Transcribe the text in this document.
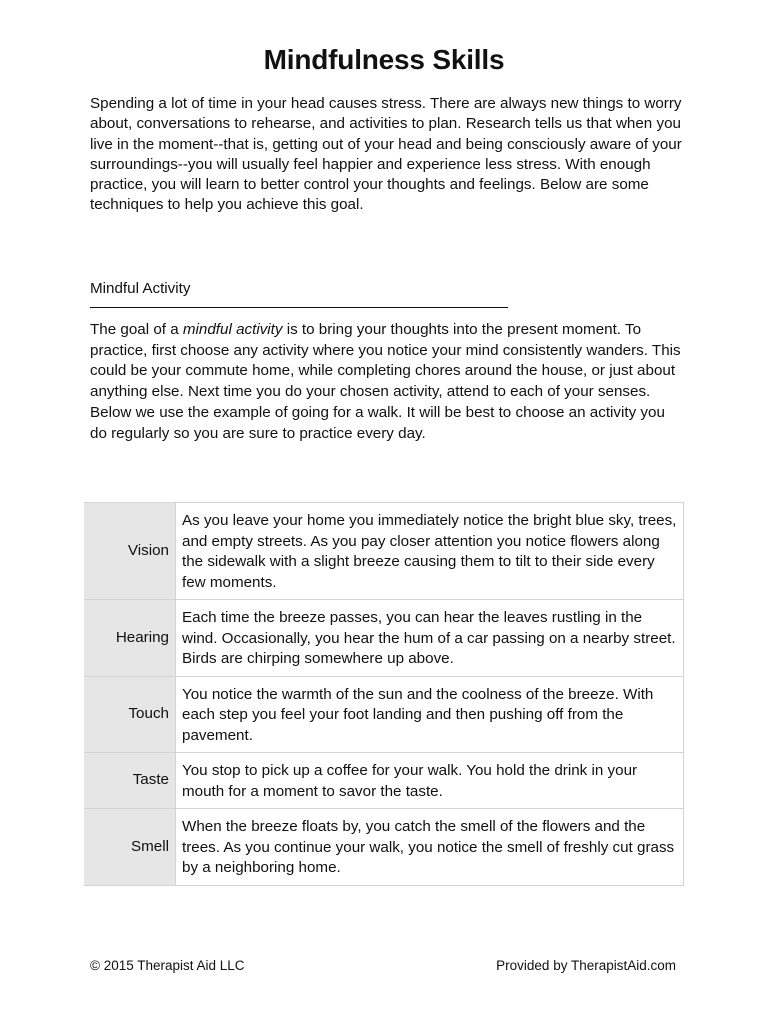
Mindfulness Skills

Spending a lot of time in your head causes stress. There are always new things to worry about, conversations to rehearse, and activities to plan. Research tells us that when you live in the moment--that is, getting out of your head and being consciously aware of your surroundings--you will usually feel happier and experience less stress. With enough practice, you will learn to better control your thoughts and feelings. Below are some techniques to help you achieve this goal.

Mindful Activity

The goal of a mindful activity is to bring your thoughts into the present moment. To practice, first choose any activity where you notice your mind consistently wanders. This could be your commute home, while completing chores around the house, or just about anything else. Next time you do your chosen activity, attend to each of your senses. Below we use the example of going for a walk. It will be best to choose an activity you do regularly so you are sure to practice every day.

Vision	As you leave your home you immediately notice the bright blue sky, trees, and empty streets. As you pay closer attention you notice flowers along the sidewalk with a slight breeze causing them to tilt to their side every few moments.
Hearing	Each time the breeze passes, you can hear the leaves rustling in the wind. Occasionally, you hear the hum of a car passing on a nearby street. Birds are chirping somewhere up above.
Touch	You notice the warmth of the sun and the coolness of the breeze. With each step you feel your foot landing and then pushing off from the pavement.
Taste	You stop to pick up a coffee for your walk. You hold the drink in your mouth for a moment to savor the taste.
Smell	When the breeze floats by, you catch the smell of the flowers and the trees. As you continue your walk, you notice the smell of freshly cut grass by a neighboring home.

© 2015 Therapist Aid LLC	Provided by TherapistAid.com
